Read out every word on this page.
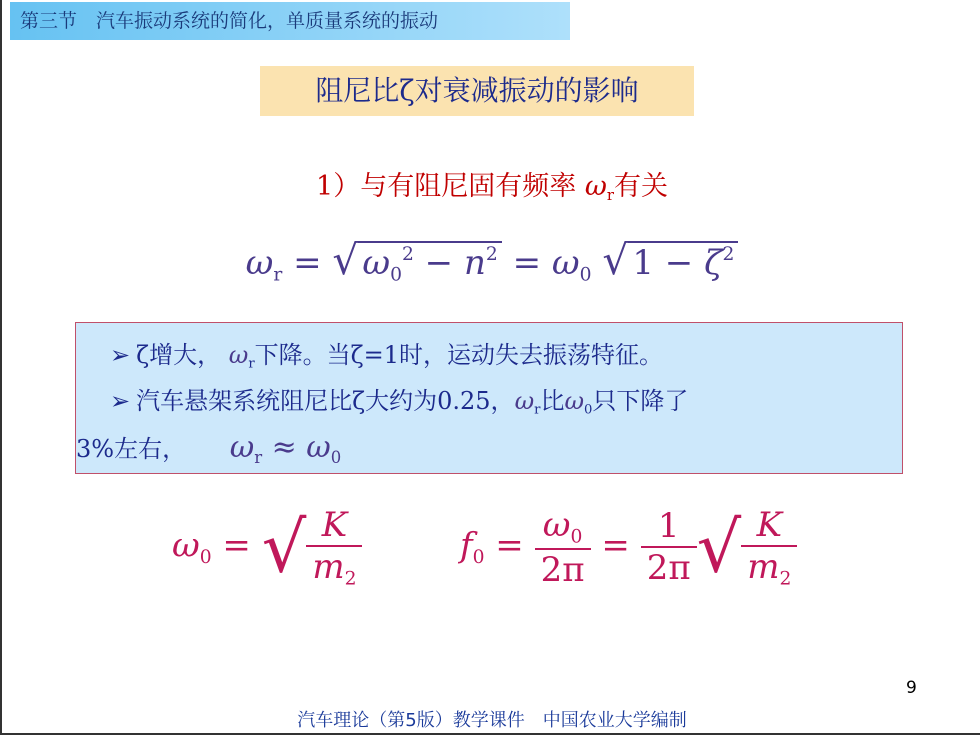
第三节　汽车振动系统的简化，单质量系统的振动
阻尼比ζ对衰减振动的影响
1）与有阻尼固有频率 $\omega_r$有关
$\omega_r$ = √ $\omega_0^2 - n^2 = \omega_0$ √ $1 - \zeta^2$
➢ ζ增大， $\omega_r$下降。当ζ=1时，运动失去振荡特征。
➢ 汽车悬架系统阻尼比ζ大约为0.25，$\omega_r$比$\omega_0$只下降了
3%左右， $\omega_r \approx \omega_0$
$\omega_0$ = √ $\frac{K}{m_2}$	$f_0 = \frac{\omega_0}{2\pi} = \frac{1}{2\pi}$ √ $\frac{K}{m_2}$
9
汽车理论（第5版）教学课件　中国农业大学编制
